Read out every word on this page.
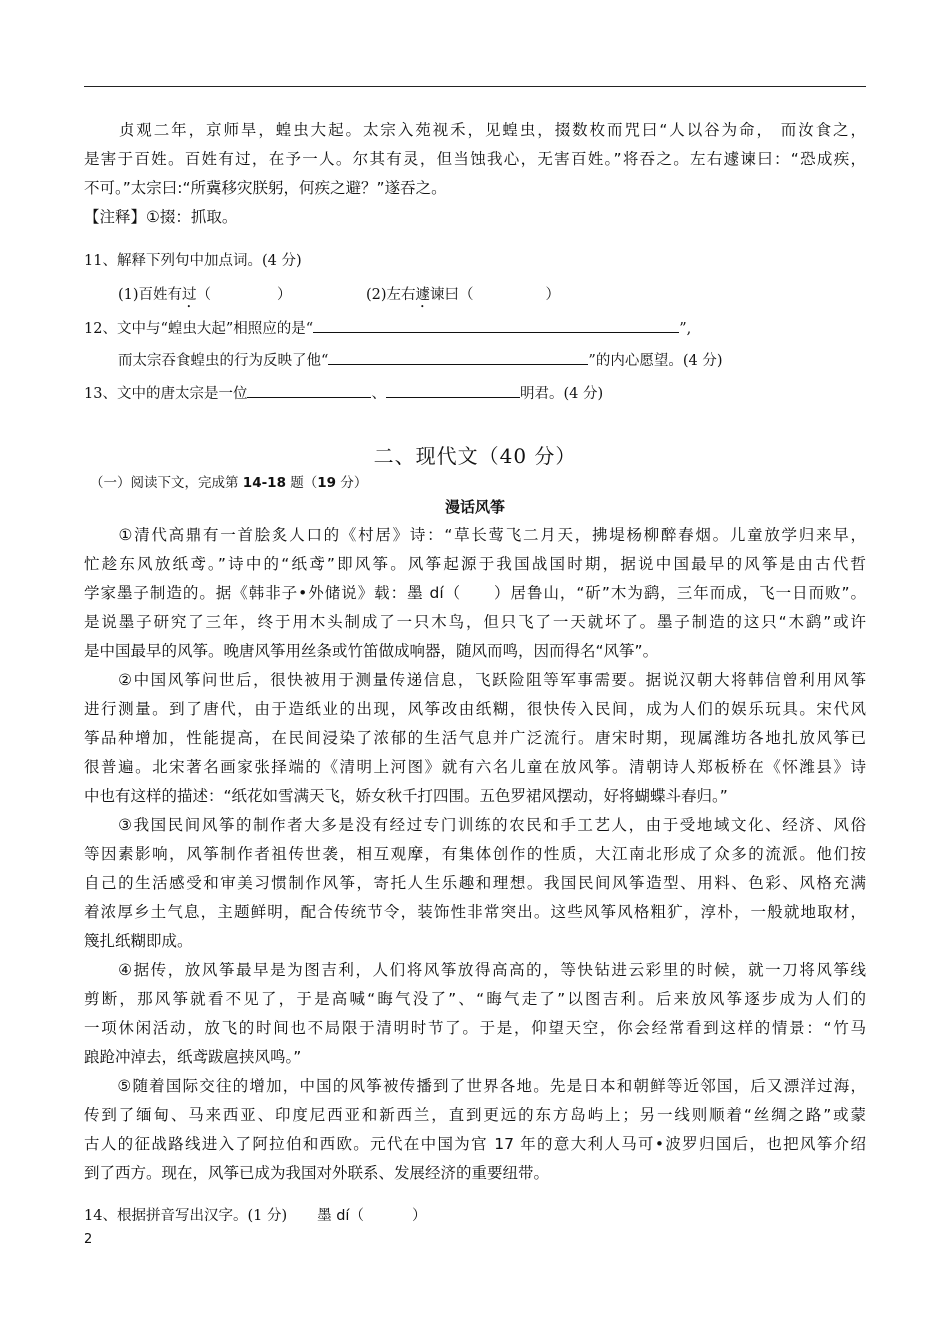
　　贞观二年，京师旱，蝗虫大起。太宗入苑视禾，见蝗虫，掇数枚而咒曰“人以谷为命， 而汝食之，
是害于百姓。百姓有过，在予一人。尔其有灵，但当蚀我心，无害百姓。”将吞之。左右遽谏曰：“恐成疾，
不可。”太宗曰:“所冀移灾朕躬，何疾之避？”遂吞之。
【注释】①掇：抓取。
11、解释下列句中加点词。(4 分)
(1)百姓有过（	）	(2)左右遽谏曰（	）
12、文中与“蝗虫大起”相照应的是“	”,
而太宗吞食蝗虫的行为反映了他“	”的内心愿望。(4 分)
13、文中的唐太宗是一位	、	明君。(4 分)
二、现代文（40 分）
（一）阅读下文，完成第 14-18 题（19 分）
漫话风筝
　　①清代高鼎有一首脍炙人口的《村居》诗：“草长莺飞二月天，拂堤杨柳醉春烟。儿童放学归来早，
忙趁东风放纸鸢。”诗中的“纸鸢”即风筝。风筝起源于我国战国时期，据说中国最早的风筝是由古代哲
学家墨子制造的。据《韩非子•外储说》载：墨 dí（　　）居鲁山，“斫”木为鹞，三年而成，飞一日而败”。
是说墨子研究了三年，终于用木头制成了一只木鸟，但只飞了一天就坏了。墨子制造的这只“木鹞”或许
是中国最早的风筝。晚唐风筝用丝条或竹笛做成响器，随风而鸣，因而得名“风筝”。
　　②中国风筝问世后，很快被用于测量传递信息，飞跃险阻等军事需要。据说汉朝大将韩信曾利用风筝
进行测量。到了唐代，由于造纸业的出现，风筝改由纸糊，很快传入民间，成为人们的娱乐玩具。宋代风
筝品种增加，性能提高，在民间浸染了浓郁的生活气息并广泛流行。唐宋时期，现属潍坊各地扎放风筝已
很普遍。北宋著名画家张择端的《清明上河图》就有六名儿童在放风筝。清朝诗人郑板桥在《怀潍县》诗
中也有这样的描述：“纸花如雪满天飞，娇女秋千打四围。五色罗裙风摆动，好将蝴蝶斗春归。”
　　③我国民间风筝的制作者大多是没有经过专门训练的农民和手工艺人，由于受地域文化、经济、风俗
等因素影响，风筝制作者祖传世袭，相互观摩，有集体创作的性质，大江南北形成了众多的流派。他们按
自己的生活感受和审美习惯制作风筝，寄托人生乐趣和理想。我国民间风筝造型、用料、色彩、风格充满
着浓厚乡土气息，主题鲜明，配合传统节令，装饰性非常突出。这些风筝风格粗犷，淳朴，一般就地取材，
篾扎纸糊即成。
　　④据传，放风筝最早是为图吉利，人们将风筝放得高高的，等快钻进云彩里的时候，就一刀将风筝线
剪断，那风筝就看不见了，于是高喊“晦气没了”、“晦气走了”以图吉利。后来放风筝逐步成为人们的
一项休闲活动，放飞的时间也不局限于清明时节了。于是，仰望天空，你会经常看到这样的情景：“竹马
踉跄冲淖去，纸鸢跋扈挟风鸣。”
　　⑤随着国际交往的增加，中国的风筝被传播到了世界各地。先是日本和朝鲜等近邻国，后又漂洋过海，
传到了缅甸、马来西亚、印度尼西亚和新西兰，直到更远的东方岛屿上；另一线则顺着“丝绸之路”或蒙
古人的征战路线进入了阿拉伯和西欧。元代在中国为官 17 年的意大利人马可•波罗归国后，也把风筝介绍
到了西方。现在，风筝已成为我国对外联系、发展经济的重要纽带。
14、根据拼音写出汉字。(1 分) 墨 dí（	）
2
